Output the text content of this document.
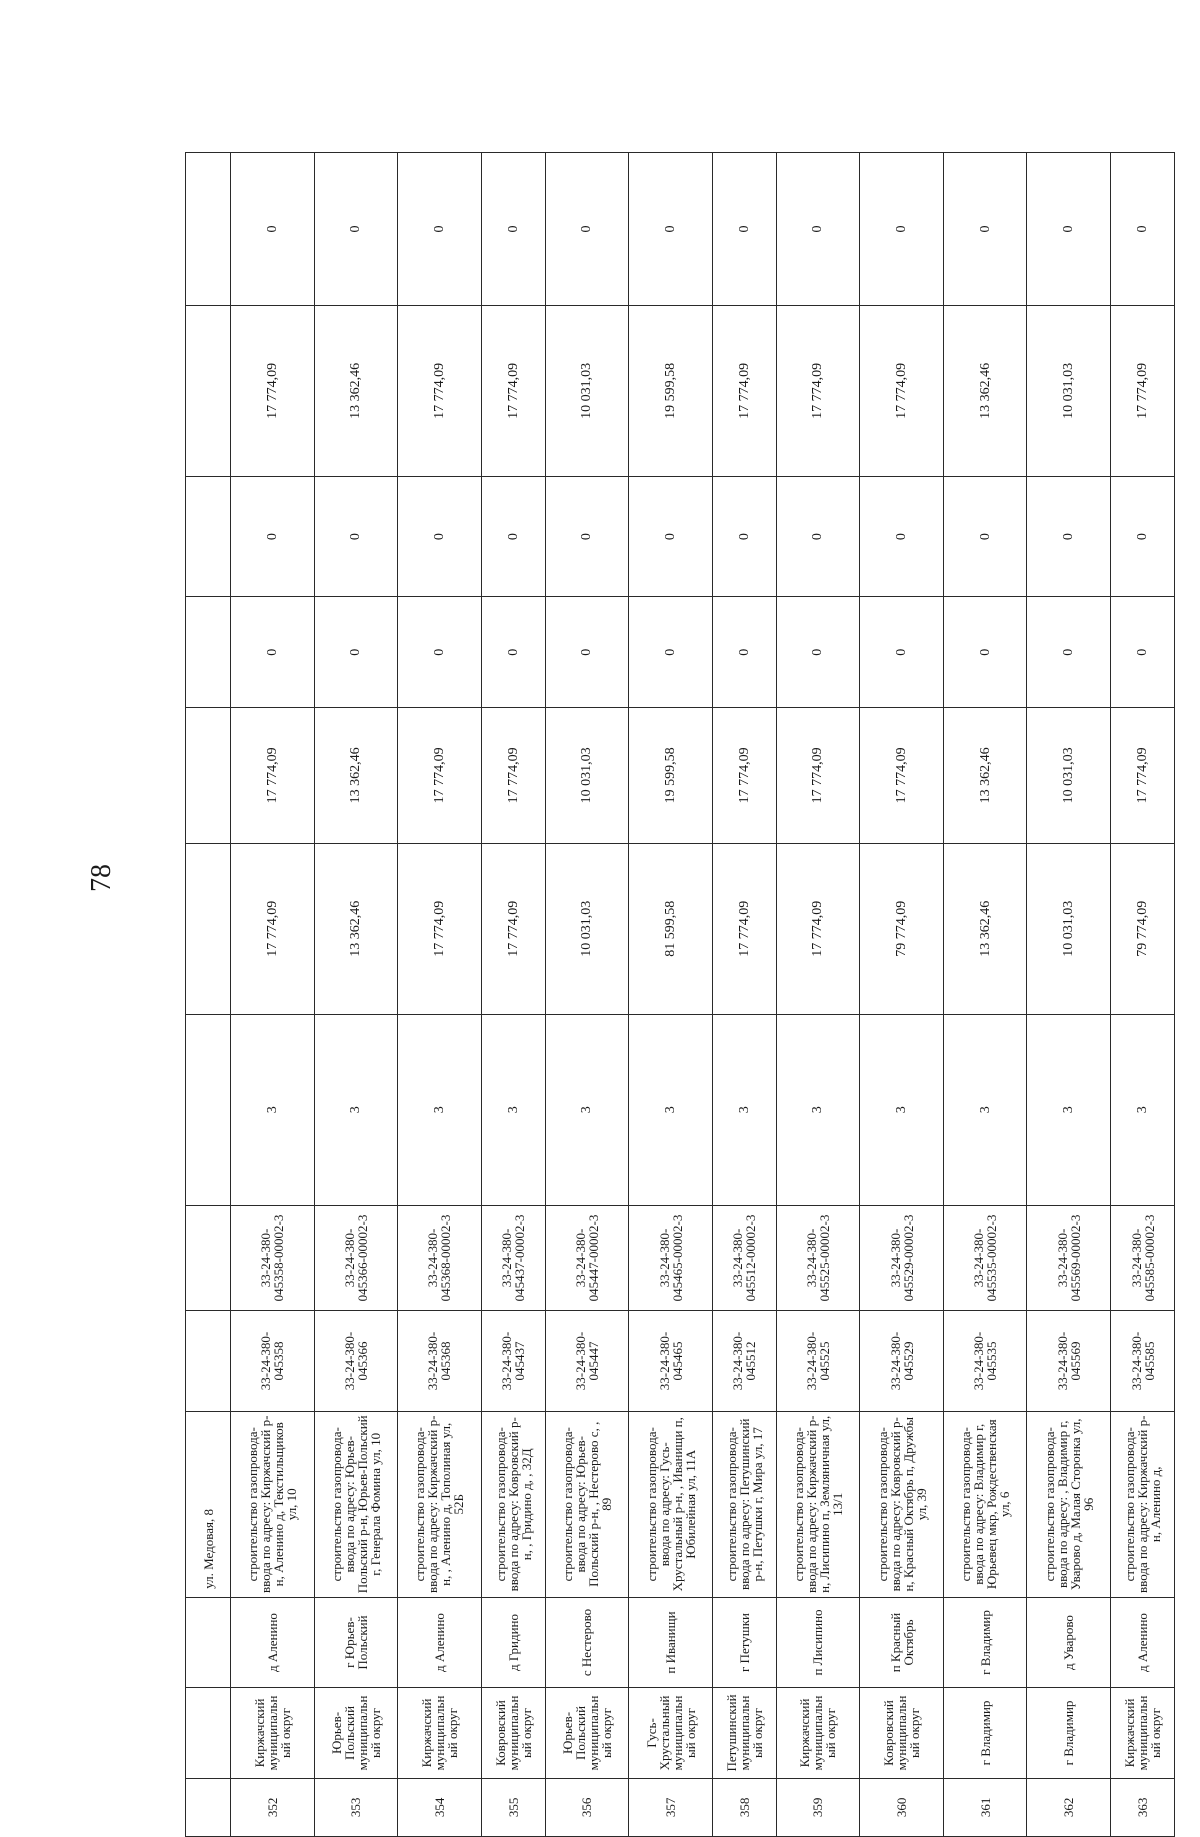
78
			ул. Медовая, 8									
352	Киржачский муниципальный округ	д Аленино	строительство газопровода-ввода по адресу: Киржачский р-н, Аленино д, Текстильщиков ул, 10	33-24-380-045358	33-24-380-045358-00002-3	3	17 774,09	17 774,09	0	0	17 774,09	0
353	Юрьев-Польский муниципальный округ	г Юрьев-Польский	строительство газопровода-ввода по адресу: Юрьев-Польский р-н, Юрьев-Польский г, Генерала Фомина ул, 10	33-24-380-045366	33-24-380-045366-00002-3	3	13 362,46	13 362,46	0	0	13 362,46	0
354	Киржачский муниципальный округ	д Аленино	строительство газопровода-ввода по адресу: Киржачский р-н, , Аленино д, Тополиная ул, 52Б	33-24-380-045368	33-24-380-045368-00002-3	3	17 774,09	17 774,09	0	0	17 774,09	0
355	Ковровский муниципальный округ	д Гридино	строительство газопровода-ввода по адресу: Ковровский р-н, , Гридино д, , 32Д	33-24-380-045437	33-24-380-045437-00002-3	3	17 774,09	17 774,09	0	0	17 774,09	0
356	Юрьев-Польский муниципальный округ	с Нестерово	строительство газопровода-ввода по адресу: Юрьев-Польский р-н, , Нестерово с, , 89	33-24-380-045447	33-24-380-045447-00002-3	3	10 031,03	10 031,03	0	0	10 031,03	0
357	Гусь-Хрустальный муниципальный округ	п Иванищи	строительство газопровода-ввода по адресу: Гусь-Хрустальный р-н, , Иванищи п, Юбилейная ул, 11А	33-24-380-045465	33-24-380-045465-00002-3	3	81 599,58	19 599,58	0	0	19 599,58	0
358	Петушинский муниципальный округ	г Петушки	строительство газопровода-ввода по адресу: Петушинский р-н, Петушки г, Мира ул, 17	33-24-380-045512	33-24-380-045512-00002-3	3	17 774,09	17 774,09	0	0	17 774,09	0
359	Киржачский муниципальный округ	п Лисипино	строительство газопровода-ввода по адресу: Киржачский р-н, Лисипино п, Земляничная ул, 13/1	33-24-380-045525	33-24-380-045525-00002-3	3	17 774,09	17 774,09	0	0	17 774,09	0
360	Ковровский муниципальный округ	п Красный Октябрь	строительство газопровода-ввода по адресу: Ковровский р-н, Красный Октябрь п, Дружбы ул, 39	33-24-380-045529	33-24-380-045529-00002-3	3	79 774,09	17 774,09	0	0	17 774,09	0
361	г Владимир	г Владимир	строительство газопровода-ввода по адресу: Владимир г, Юрьевец мкр, Рождественская ул, 6	33-24-380-045535	33-24-380-045535-00002-3	3	13 362,46	13 362,46	0	0	13 362,46	0
362	г Владимир	д Уварово	строительство газопровода-ввода по адресу: , Владимир г, Уварово д, Малая Сторонка ул, 96	33-24-380-045569	33-24-380-045569-00002-3	3	10 031,03	10 031,03	0	0	10 031,03	0
363	Киржачский муниципальный округ	д Аленино	строительство газопровода-ввода по адресу: Киржачский р-н, Аленино д,	33-24-380-045585	33-24-380-045585-00002-3	3	79 774,09	17 774,09	0	0	17 774,09	0
